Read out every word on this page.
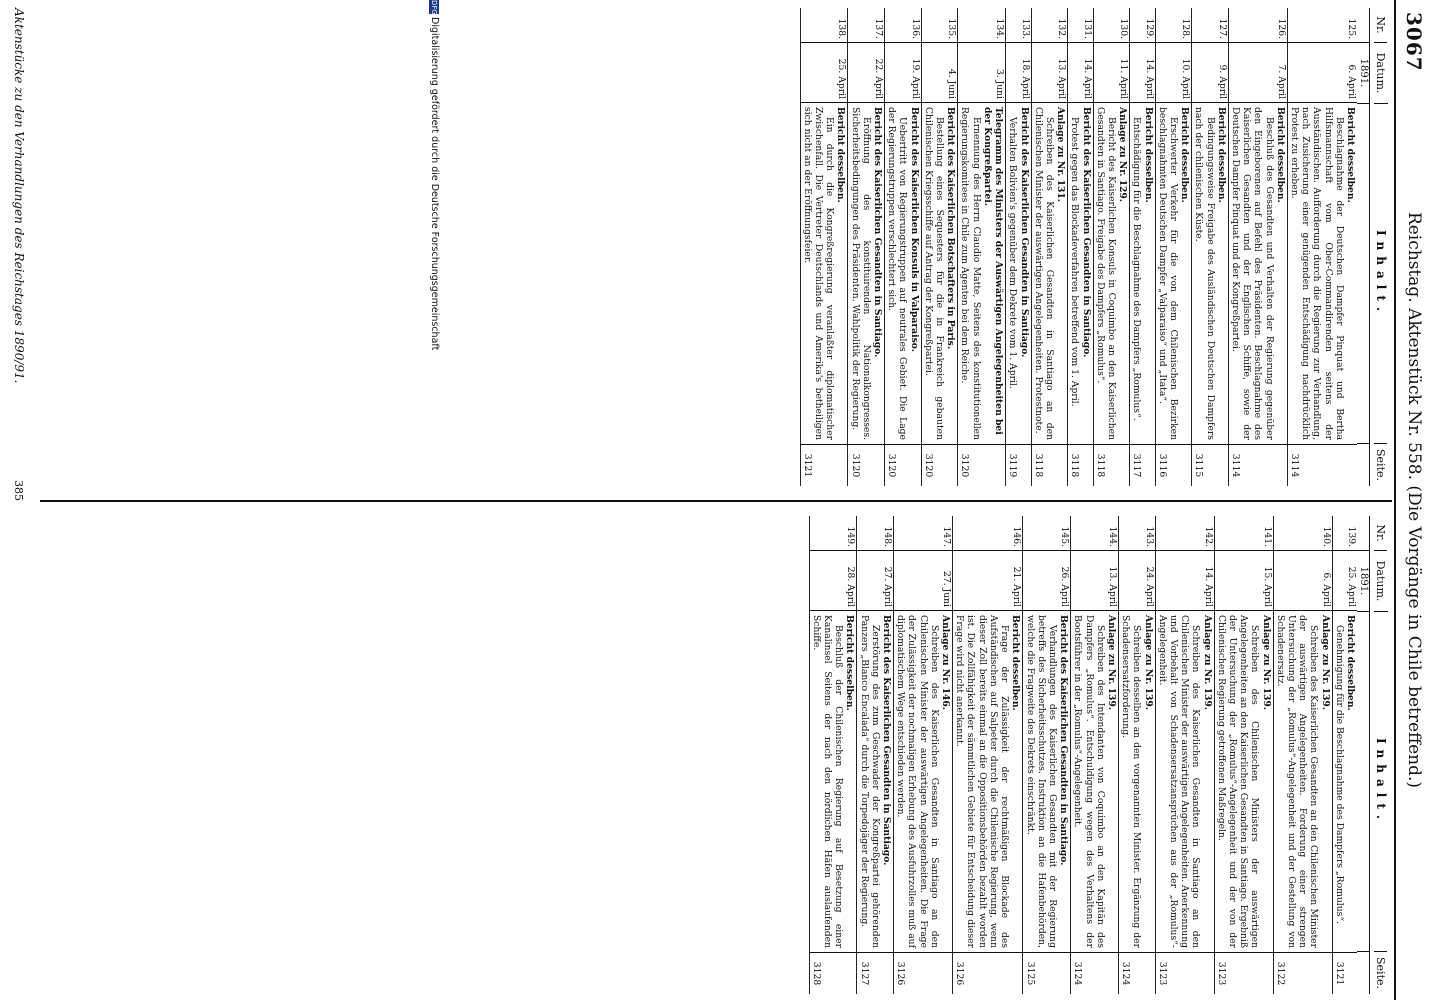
3067
Reichstag. Aktenstück Nr. 558. (Die Vorgänge in Chile betreffend.)
Nr.
Datum.
Inhalt.
Seite.
1891.
125.
6. April
Bericht desselben.
Beschlagnahme der Deutschen Dampfer Pinquat und Bertha Hilfsmannschaft vom Ober-Commandirenden seitens der Ausständischen. Aufforderung durch die Regierung zur Verhandlung, nach Zusicherung einer genügenden Entschädigung nachdrücklich Protest zu erheben.
3114
126.
7. April
Bericht desselben.
Beschluß des Gesandten und Verhalten der Regierung gegenüber den Eingeborenen auf Befehl des Präsidenten. Beschlagnahme des Kaiserlichen Gesandten und der Englischen Schiffe, sowie der Deutschen Dampfer Pinquat und der Kongreßpartei.
3114
127.
9. April
Bericht desselben.
Bedingungsweise Freigabe des Ausländischen Deutschen Dampfers nach der chilenischen Küste.
3115
128.
10. April
Bericht desselben.
Erschwerter Verkehr für die von dem Chilenischen Bezirken beschlagnahmten Deutschen Dampfer „Valparaiso“ und „Itata“.
3116
129.
14. April
Bericht desselben.
Entschädigung für die Beschlagnahme des Dampfers „Romulus“.
3117
130.
11. April
Anlage zu Nr. 129.
Bericht des Kaiserlichen Konsuls in Coquimbo an den Kaiserlichen Gesandten in Santiago. Freigabe des Dampfers „Romulus“.
3118
131.
14. April
Bericht des Kaiserlichen Gesandten in Santiago.
Protest gegen das Blockadeverfahren betreffend vom 1. April.
3118
132.
13. April
Anlage zu Nr. 131.
Schreiben des Kaiserlichen Gesandten in Santiago an den Chilenischen Minister der auswärtigen Angelegenheiten. Protestnote.
3118
133.
18. April
Bericht des Kaiserlichen Gesandten in Santiago.
Verhalten Bolivien's gegenüber dem Dekrete vom 1. April.
3119
134.
3. Juni
Telegramm des Ministers der Auswärtigen Angelegenheiten bei der Kongreßpartei.
Ernennung des Herrn Claudio Matte, Seitens des konstitutionellen Regierungskomitees in Chile zum Agenten bei dem Reiche.
3120
135.
4. Juni
Bericht des Kaiserlichen Botschafters in Paris.
Bestellung eines Sequesters für die in Frankreich gebauten Chilenischen Kriegsschiffe auf Antrag der Kongreßpartei.
3120
136.
19. April
Bericht des Kaiserlichen Konsuls in Valparaiso.
Uebertritt von Regierungstruppen auf neutrales Gebiet. Die Lage der Regierungstruppen verschlechtert sich.
3120
137.
22. April
Bericht des Kaiserlichen Gesandten in Santiago.
Eröffnung des konstituirenden Nationalkongresses. Sicherheitsbedingungen des Präsidenten. Wahlpolitik der Regierung.
3120
138.
25. April
Bericht desselben.
Ein durch die Kongreßregierung veranlaßter diplomatischer Zwischenfall. Die Vertreter Deutschlands und Amerika's betheiligen sich nicht an der Eröffnungsfeier.
3121
Nr.
Datum.
Inhalt.
Seite.
1891.
139.
25. April
Bericht desselben.
Genehmigung für die Beschlagnahme des Dampfers „Romulus“.
3121
140.
6. April
Anlage zu Nr. 139.
Schreiben des Kaiserlichen Gesandten an den Chilenischen Minister der auswärtigen Angelegenheiten. Forderung einer strengen Untersuchung der „Romulus“-Angelegenheit und der Gestellung von Schadenersatz.
3122
141.
15. April
Anlage zu Nr. 139.
Schreiben des Chilenischen Ministers der auswärtigen Angelegenheiten an den Kaiserlichen Gesandten in Santiago. Ergebniß der Untersuchung der „Romulus“-Angelegenheit und der von der Chilenischen Regierung getroffenen Maßregeln.
3123
142.
14. April
Anlage zu Nr. 139.
Schreiben des Kaiserlichen Gesandten in Santiago an den Chilenischen Minister der auswärtigen Angelegenheiten. Anerkennung und Vorbehalt von Schadensersatzansprüchen aus der „Romulus“-Angelegenheit.
3123
143.
24. April
Anlage zu Nr. 139.
Schreiben desselben an den vorgenannten Minister. Ergänzung der Schadensersatzforderung.
3124
144.
13. April
Anlage zu Nr. 139.
Schreiben des Intendanten von Coquimbo an den Kapitän des Dampfers „Romulus“. Entschuldigung wegen des Verhaltens der Bootsführer in der „Romulus“-Angelegenheit.
3124
145.
26. April
Bericht des Kaiserlichen Gesandten in Santiago.
Verhandlungen des Kaiserlichen Gesandten mit der Regierung betreffs des Sicherheitsschutzes. Instruktion an die Hafenbehörden, welche die Fragweite des Dekrets einschränkt.
3125
146.
21. April
Bericht desselben.
Frage der Zulässigkeit der rechtmäßigen Blockade des Aufständischen auf Salpeter durch die Chilenische Regierung, wenn dieser Zoll bereits einmal an die Oppositionsbehörden bezahlt worden ist. Die Zollfähigkeit der sämmtlichen Gebiete für Entscheidung dieser Frage wird nicht anerkannt.
3126
147.
27. Juni
Anlage zu Nr. 146.
Schreiben des Kaiserlichen Gesandten in Santiago an den Chilenischen Minister der auswärtigen Angelegenheiten. Die Frage der Zulässigkeit der nochmaligen Erhebung des Ausfuhrzolles muß auf diplomatischem Wege entschieden werden.
3126
148.
27. April
Bericht des Kaiserlichen Gesandten in Santiago.
Zerstörung des zum Geschwader der Kongreßpartei gehörenden Panzers „Blanco Encalada“ durch die Torpedojäger der Regierung.
3127
149.
28. April
Bericht desselben.
Beschluß der Chilenischen Regierung auf Besetzung einer Kanalinsel Seitens der nach den nördlichen Häfen auslaufenden Schiffe.
3128
Aktenstücke zu den Verhandlungen des Reichstages 1890/91.
385
DFGDigitalisierung gefördert durch die Deutsche Forschungsgemeinschaft
